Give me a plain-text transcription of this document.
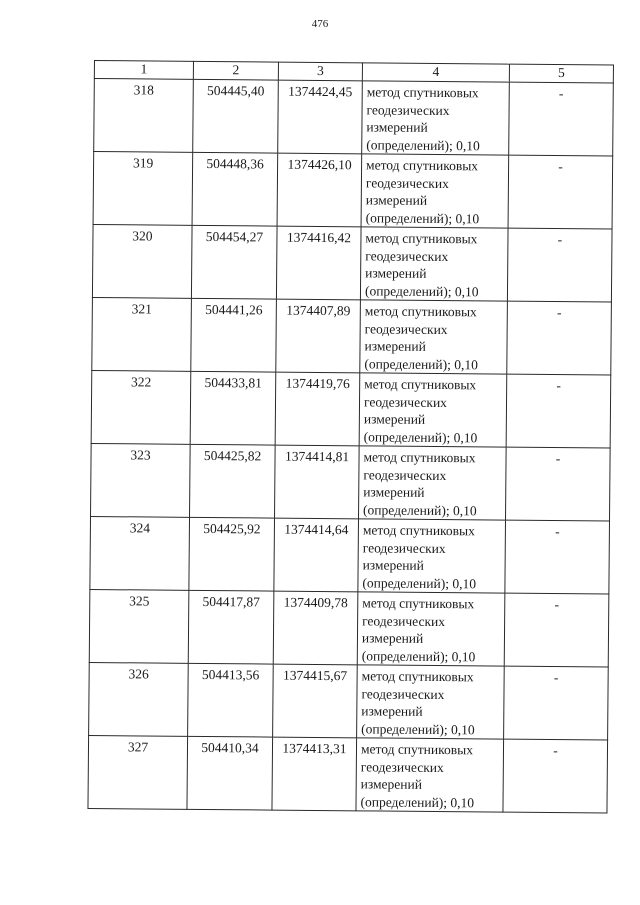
476
1	2	3	4	5
318	504445,40	1374424,45	метод спутниковых геодезических измерений (определений); 0,10	-
319	504448,36	1374426,10	метод спутниковых геодезических измерений (определений); 0,10	-
320	504454,27	1374416,42	метод спутниковых геодезических измерений (определений); 0,10	-
321	504441,26	1374407,89	метод спутниковых геодезических измерений (определений); 0,10	-
322	504433,81	1374419,76	метод спутниковых геодезических измерений (определений); 0,10	-
323	504425,82	1374414,81	метод спутниковых геодезических измерений (определений); 0,10	-
324	504425,92	1374414,64	метод спутниковых геодезических измерений (определений); 0,10	-
325	504417,87	1374409,78	метод спутниковых геодезических измерений (определений); 0,10	-
326	504413,56	1374415,67	метод спутниковых геодезических измерений (определений); 0,10	-
327	504410,34	1374413,31	метод спутниковых геодезических измерений (определений); 0,10	-
